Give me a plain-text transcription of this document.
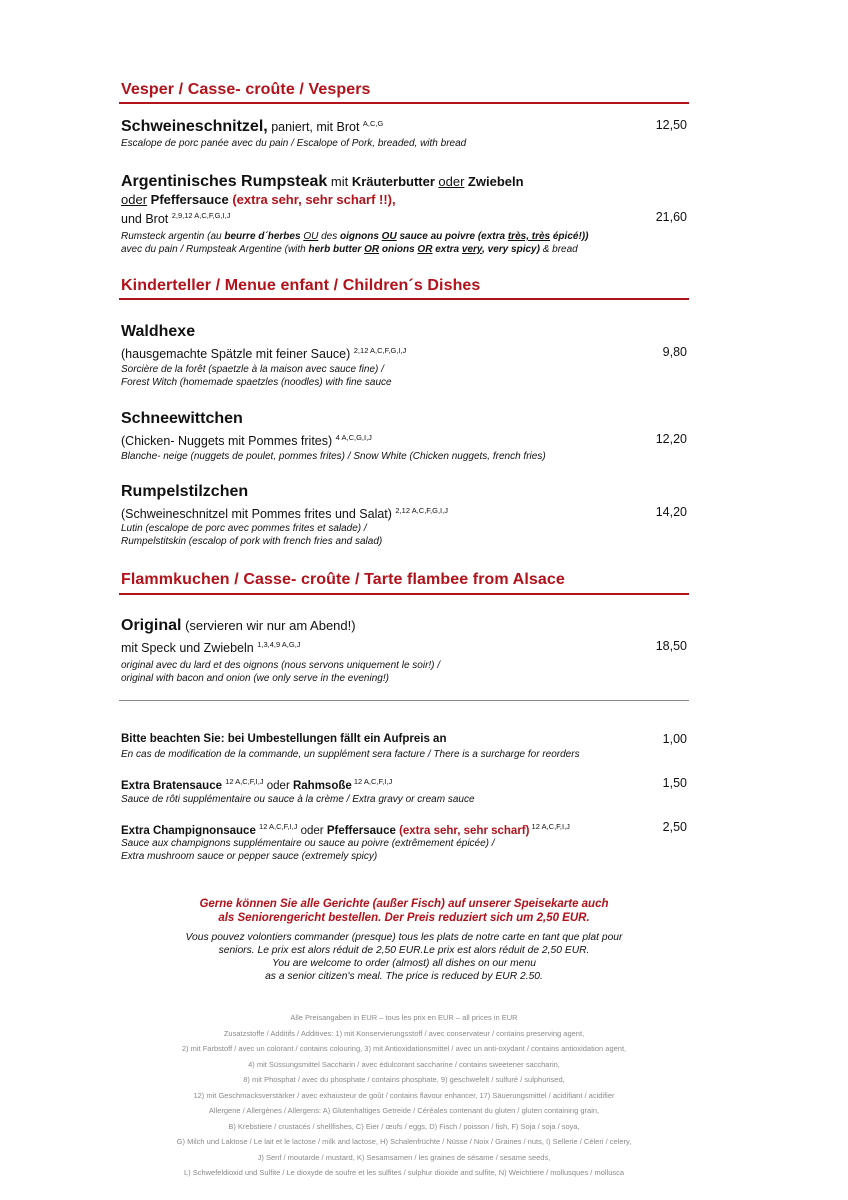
Vesper / Casse- croûte / Vespers
Schweineschnitzel, paniert, mit Brot $^{A,C,G}$	12,50
Escalope de porc panée avec du pain / Escalope of Pork, breaded, with bread
Argentinisches Rumpsteak mit Kräuterbutter oder Zwiebeln
oder Pfeffersauce (extra sehr, sehr scharf !!),
und Brot $^{2,9,12 A,C,F,G,I,J}$	21,60
Rumsteck argentin (au beurre d´herbes OU des oignons OU sauce au poivre (extra très, très épicé!))
avec du pain / Rumpsteak Argentine (with herb butter OR onions OR extra very, very spicy) & bread
Kinderteller / Menue enfant / Children´s Dishes
Waldhexe
(hausgemachte Spätzle mit feiner Sauce) $^{2,12 A,C,F,G,I,J}$	9,80
Sorcière de la forêt (spaetzle à la maison avec sauce fine) /
Forest Witch (homemade spaetzles (noodles) with fine sauce
Schneewittchen
(Chicken- Nuggets mit Pommes frites) $^{4 A,C,G,I,J}$	12,20
Blanche- neige (nuggets de poulet, pommes frites) / Snow White (Chicken nuggets, french fries)
Rumpelstilzchen
(Schweineschnitzel mit Pommes frites und Salat) $^{2,12 A,C,F,G,I,J}$	14,20
Lutin (escalope de porc avec pommes frites et salade) /
Rumpelstitskin (escalop of pork with french fries and salad)
Flammkuchen / Casse- croûte / Tarte flambee from Alsace
Original (servieren wir nur am Abend!)
mit Speck und Zwiebeln $^{1,3,4,9 A,G,J}$	18,50
original avec du lard et des oignons (nous servons uniquement le soir!) /
original with bacon and onion (we only serve in the evening!)
Bitte beachten Sie: bei Umbestellungen fällt ein Aufpreis an	1,00
En cas de modification de la commande, un supplément sera facture / There is a surcharge for reorders
Extra Bratensauce $^{12 A,C,F,I,J}$ oder Rahmsoße $^{12 A,C,F,I,J}$	1,50
Sauce de rôti supplémentaire ou sauce à la crème / Extra gravy or cream sauce
Extra Champignonsauce $^{12 A,C,F,I,J}$ oder Pfeffersauce (extra sehr, sehr scharf) $^{12 A,C,F,I,J}$	2,50
Sauce aux champignons supplémentaire ou sauce au poivre (extrêmement épicée) /
Extra mushroom sauce or pepper sauce (extremely spicy)
Gerne können Sie alle Gerichte (außer Fisch) auf unserer Speisekarte auch
als Seniorengericht bestellen. Der Preis reduziert sich um 2,50 EUR.
Vous pouvez volontiers commander (presque) tous les plats de notre carte en tant que plat pour
seniors. Le prix est alors réduit de 2,50 EUR.Le prix est alors réduit de 2,50 EUR.
You are welcome to order (almost) all dishes on our menu
as a senior citizen's meal. The price is reduced by EUR 2.50.
Alle Preisangaben in EUR – tous les prix en EUR – all prices in EUR
Zusatzstoffe / Additifs / Additives: 1) mit Konservierungsstoff / avec conservateur / contains preserving agent,
2) mit Farbstoff / avec un colorant / contains colouring, 3) mit Antioxidationsmittel / avec un anti-oxydant / contains antioxidation agent,
4) mit Süssungsmittel Saccharin / avec édulcorant saccharine / contains sweetener saccharin,
8) mit Phosphat / avec du phosphate / contains phosphate, 9) geschwefelt / sulfuré / sulphurised,
12) mit Geschmacksverstärker / avec exhausteur de goût / contains flavour enhancer, 17) Säuerungsmittel / acidifiant / acidifier
Allergene / Allergènes / Allergens: A) Glutenhaltiges Getreide / Céréales contenant du gluten / gluten containing grain,
B) Krebstiere / crustacés / shellfishes, C) Eier / œufs / eggs, D) Fisch / poisson / fish, F) Soja / soja / soya,
G) Milch und Laktose / Le lait et le lactose / milk and lactose, H) Schalenfrüchte / Nüsse / Noix / Graines / nuts, I) Sellerie / Céleri / celery,
J) Senf / moutarde / mustard, K) Sesamsamen / les graines de sésame / sesame seeds,
L) Schwefeldioxid und Sulfite / Le dioxyde de soufre et les sulfites / sulphur dioxide and sulfite, N) Weichtiere / mollusques / mollusca
